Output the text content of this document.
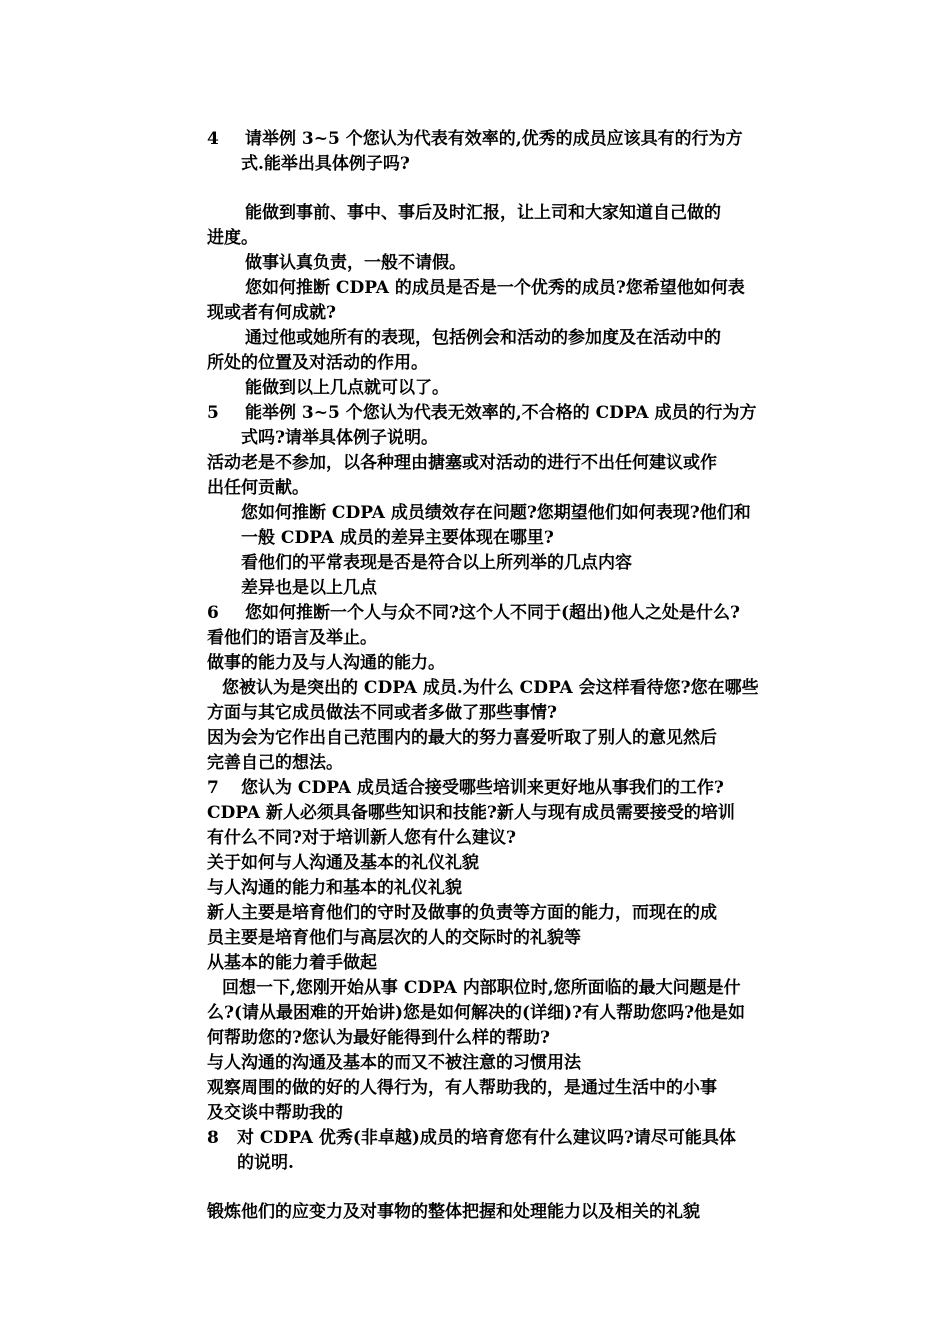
4 请举例 3~5 个您认为代表有效率的,优秀的成员应该具有的行为方
式.能举出具体例子吗?
能做到事前、事中、事后及时汇报，让上司和大家知道自己做的
进度。
做事认真负责，一般不请假。
您如何推断 CDPA 的成员是否是一个优秀的成员?您希望他如何表
现或者有何成就?
通过他或她所有的表现，包括例会和活动的参加度及在活动中的
所处的位置及对活动的作用。
能做到以上几点就可以了。
5 能举例 3~5 个您认为代表无效率的,不合格的 CDPA 成员的行为方
式吗?请举具体例子说明。
活动老是不参加，以各种理由搪塞或对活动的进行不出任何建议或作
出任何贡献。
您如何推断 CDPA 成员绩效存在问题?您期望他们如何表现?他们和
一般 CDPA 成员的差异主要体现在哪里?
看他们的平常表现是否是符合以上所列举的几点内容
差异也是以上几点
6 您如何推断一个人与众不同?这个人不同于(超出)他人之处是什么?
看他们的语言及举止。
做事的能力及与人沟通的能力。
您被认为是突出的 CDPA 成员.为什么 CDPA 会这样看待您?您在哪些
方面与其它成员做法不同或者多做了那些事情?
因为会为它作出自己范围内的最大的努力喜爱听取了别人的意见然后
完善自己的想法。
7 您认为 CDPA 成员适合接受哪些培训来更好地从事我们的工作?
CDPA 新人必须具备哪些知识和技能?新人与现有成员需要接受的培训
有什么不同?对于培训新人您有什么建议?
关于如何与人沟通及基本的礼仪礼貌
与人沟通的能力和基本的礼仪礼貌
新人主要是培育他们的守时及做事的负责等方面的能力，而现在的成
员主要是培育他们与高层次的人的交际时的礼貌等
从基本的能力着手做起
回想一下,您刚开始从事 CDPA 内部职位时,您所面临的最大问题是什
么?(请从最困难的开始讲)您是如何解决的(详细)?有人帮助您吗?他是如
何帮助您的?您认为最好能得到什么样的帮助?
与人沟通的沟通及基本的而又不被注意的习惯用法
观察周围的做的好的人得行为，有人帮助我的，是通过生活中的小事
及交谈中帮助我的
8 对 CDPA 优秀(非卓越)成员的培育您有什么建议吗?请尽可能具体
的说明.
锻炼他们的应变力及对事物的整体把握和处理能力以及相关的礼貌
